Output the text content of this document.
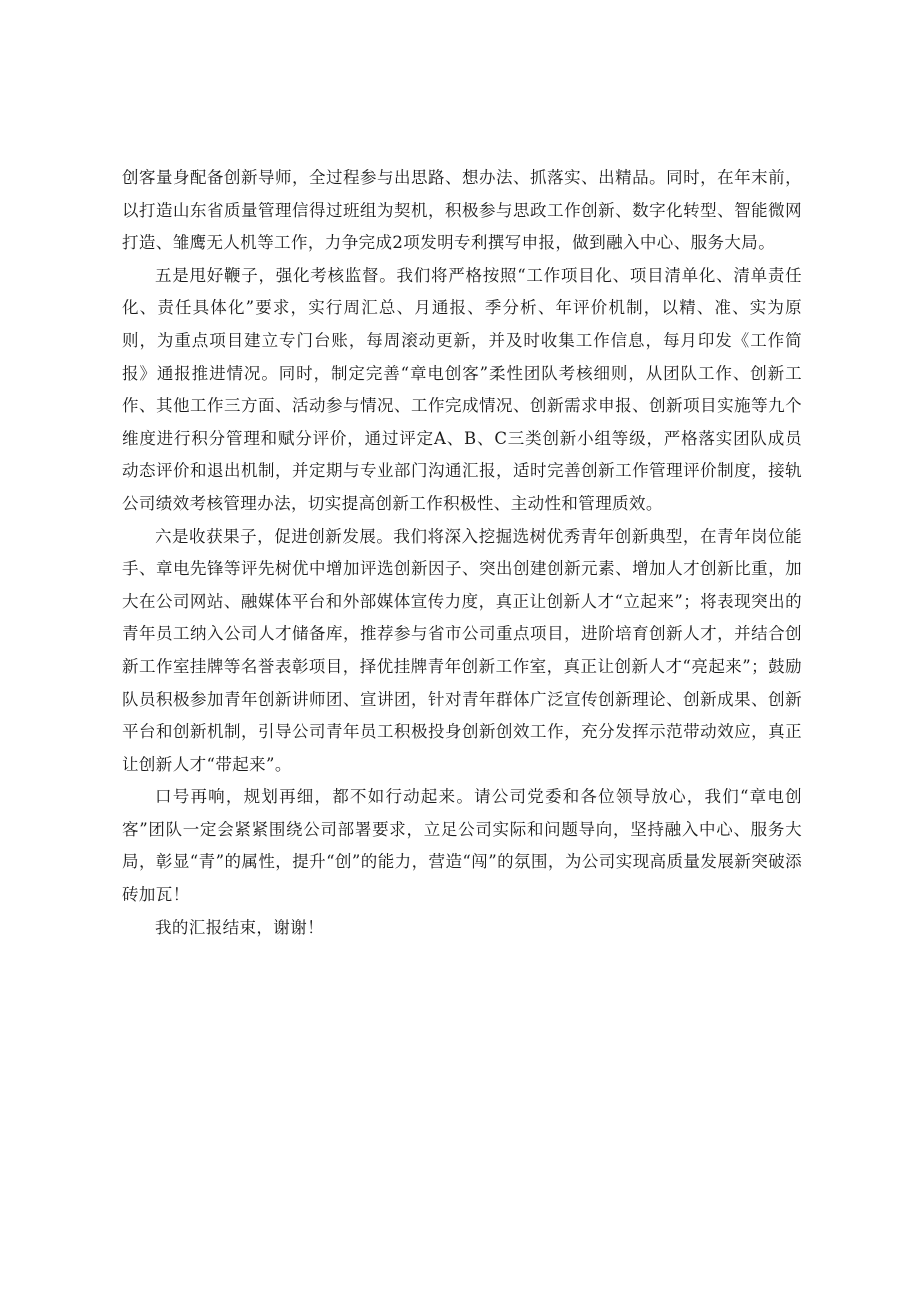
创客量身配备创新导师，全过程参与出思路、想办法、抓落实、出精品。同时，在年末前，以打造山东省质量管理信得过班组为契机，积极参与思政工作创新、数字化转型、智能微网打造、雏鹰无人机等工作，力争完成2项发明专利撰写申报，做到融入中心、服务大局。

五是甩好鞭子，强化考核监督。我们将严格按照“工作项目化、项目清单化、清单责任化、责任具体化”要求，实行周汇总、月通报、季分析、年评价机制，以精、准、实为原则，为重点项目建立专门台账，每周滚动更新，并及时收集工作信息，每月印发《工作简报》通报推进情况。同时，制定完善“章电创客”柔性团队考核细则，从团队工作、创新工作、其他工作三方面、活动参与情况、工作完成情况、创新需求申报、创新项目实施等九个维度进行积分管理和赋分评价，通过评定A、B、C三类创新小组等级，严格落实团队成员动态评价和退出机制，并定期与专业部门沟通汇报，适时完善创新工作管理评价制度，接轨公司绩效考核管理办法，切实提高创新工作积极性、主动性和管理质效。

六是收获果子，促进创新发展。我们将深入挖掘选树优秀青年创新典型，在青年岗位能手、章电先锋等评先树优中增加评选创新因子、突出创建创新元素、增加人才创新比重，加大在公司网站、融媒体平台和外部媒体宣传力度，真正让创新人才“立起来”；将表现突出的青年员工纳入公司人才储备库，推荐参与省市公司重点项目，进阶培育创新人才，并结合创新工作室挂牌等名誉表彰项目，择优挂牌青年创新工作室，真正让创新人才“亮起来”；鼓励队员积极参加青年创新讲师团、宣讲团，针对青年群体广泛宣传创新理论、创新成果、创新平台和创新机制，引导公司青年员工积极投身创新创效工作，充分发挥示范带动效应，真正让创新人才“带起来”。

口号再响，规划再细，都不如行动起来。请公司党委和各位领导放心，我们“章电创客”团队一定会紧紧围绕公司部署要求，立足公司实际和问题导向，坚持融入中心、服务大局，彰显“青”的属性，提升“创”的能力，营造“闯”的氛围，为公司实现高质量发展新突破添砖加瓦！

我的汇报结束，谢谢！
